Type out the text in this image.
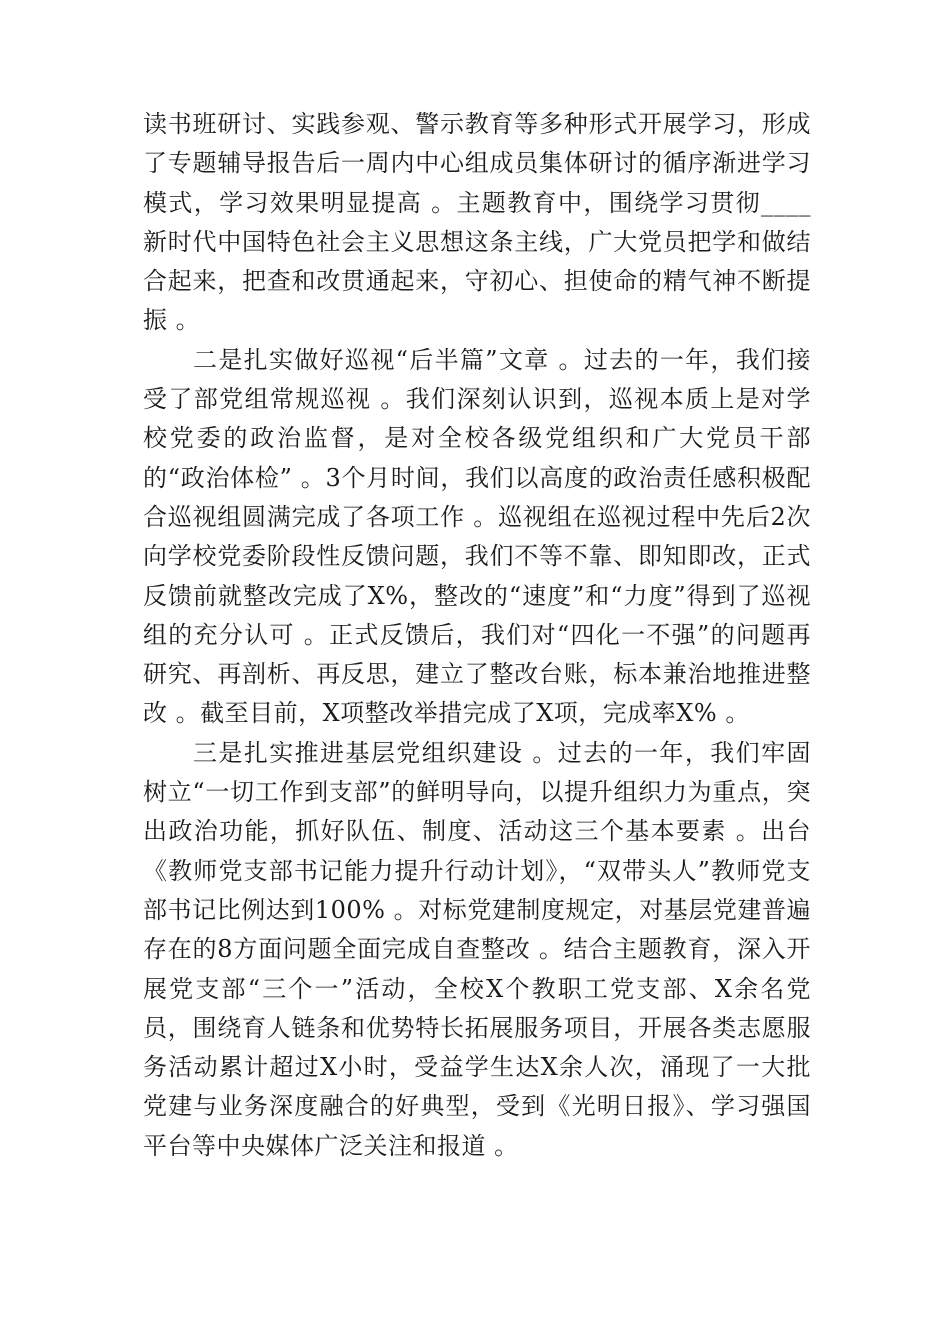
读书班研讨、实践参观、警示教育等多种形式开展学习，形成了专题辅导报告后一周内中心组成员集体研讨的循序渐进学习模式，学习效果明显提高 。主题教育中，围绕学习贯彻____新时代中国特色社会主义思想这条主线，广大党员把学和做结合起来，把查和改贯通起来，守初心、担使命的精气神不断提振 。

二是扎实做好巡视“后半篇”文章 。过去的一年，我们接受了部党组常规巡视 。我们深刻认识到，巡视本质上是对学校党委的政治监督，是对全校各级党组织和广大党员干部的“政治体检” 。3个月时间，我们以高度的政治责任感积极配合巡视组圆满完成了各项工作 。巡视组在巡视过程中先后2次向学校党委阶段性反馈问题，我们不等不靠、即知即改，正式反馈前就整改完成了X%，整改的“速度”和“力度”得到了巡视组的充分认可 。正式反馈后，我们对“四化一不强”的问题再研究、再剖析、再反思，建立了整改台账，标本兼治地推进整改 。截至目前，X项整改举措完成了X项，完成率X% 。

三是扎实推进基层党组织建设 。过去的一年，我们牢固树立“一切工作到支部”的鲜明导向，以提升组织力为重点，突出政治功能，抓好队伍、制度、活动这三个基本要素 。出台《教师党支部书记能力提升行动计划》，“双带头人”教师党支部书记比例达到100% 。对标党建制度规定，对基层党建普遍存在的8方面问题全面完成自查整改 。结合主题教育，深入开展党支部“三个一”活动，全校X个教职工党支部、X余名党员，围绕育人链条和优势特长拓展服务项目，开展各类志愿服务活动累计超过X小时，受益学生达X余人次，涌现了一大批党建与业务深度融合的好典型，受到《光明日报》、学习强国平台等中央媒体广泛关注和报道 。
